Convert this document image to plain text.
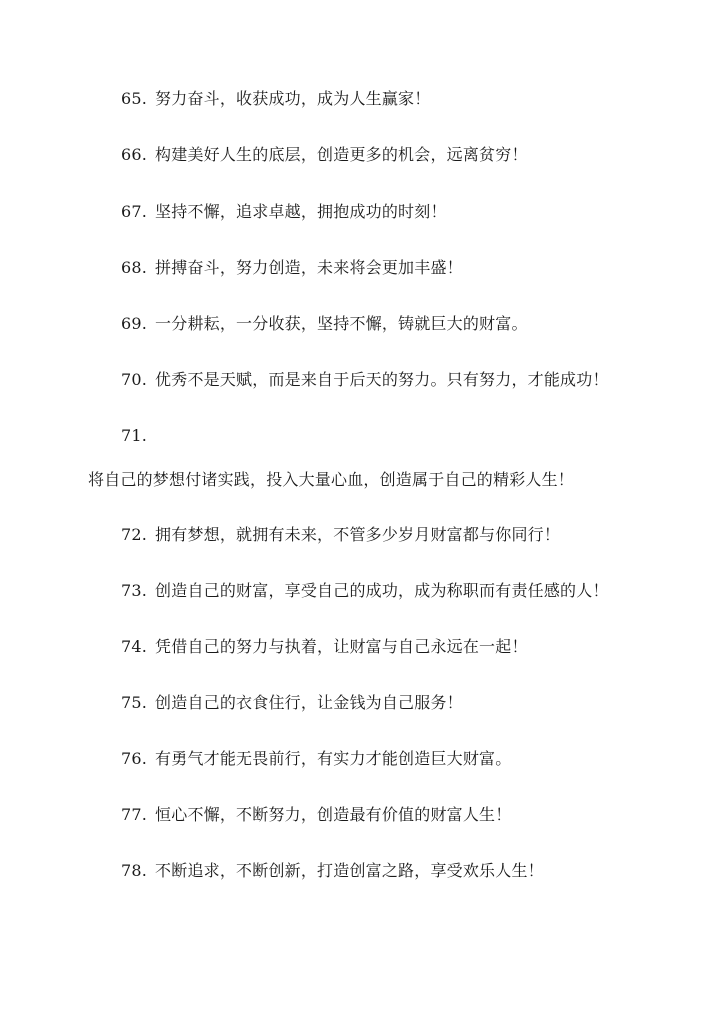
65. 努力奋斗，收获成功，成为人生赢家！
66. 构建美好人生的底层，创造更多的机会，远离贫穷！
67. 坚持不懈，追求卓越，拥抱成功的时刻！
68. 拼搏奋斗，努力创造，未来将会更加丰盛！
69. 一分耕耘，一分收获，坚持不懈，铸就巨大的财富。
70. 优秀不是天赋，而是来自于后天的努力。只有努力，才能成功！
71.
将自己的梦想付诸实践，投入大量心血，创造属于自己的精彩人生！
72. 拥有梦想，就拥有未来，不管多少岁月财富都与你同行！
73. 创造自己的财富，享受自己的成功，成为称职而有责任感的人！
74. 凭借自己的努力与执着，让财富与自己永远在一起！
75. 创造自己的衣食住行，让金钱为自己服务！
76. 有勇气才能无畏前行，有实力才能创造巨大财富。
77. 恒心不懈，不断努力，创造最有价值的财富人生！
78. 不断追求，不断创新，打造创富之路，享受欢乐人生！
